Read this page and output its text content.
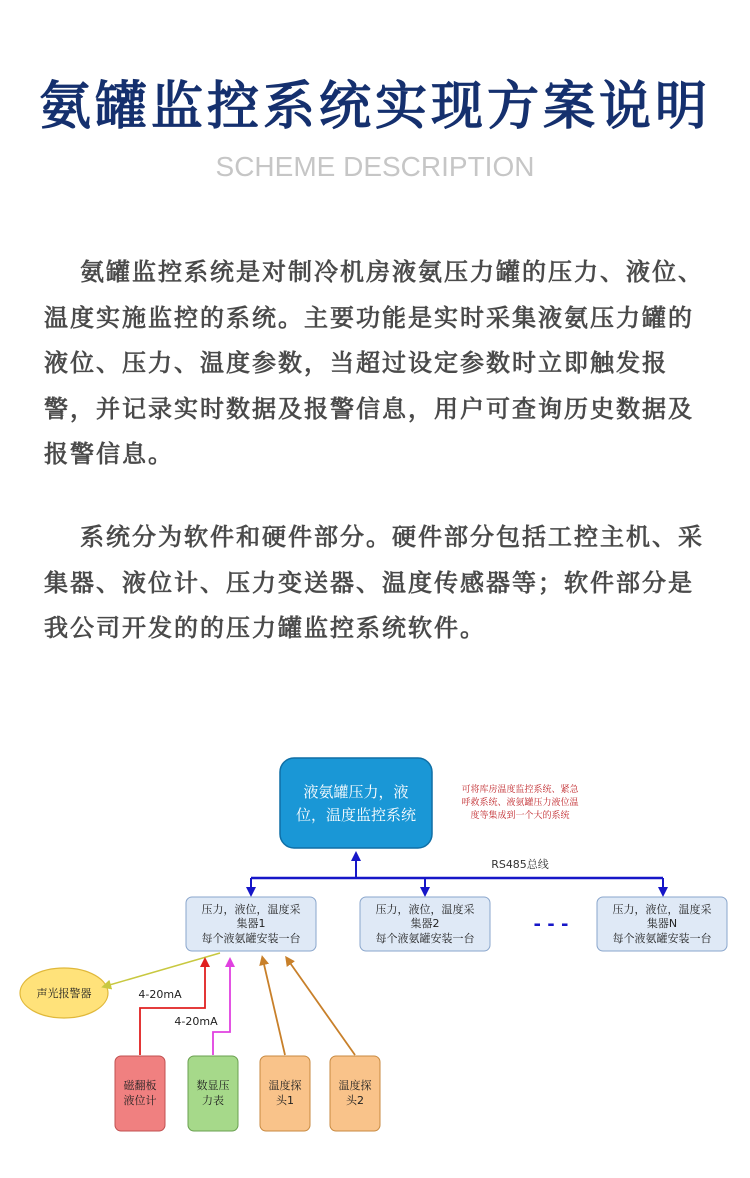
氨罐监控系统实现方案说明
SCHEME DESCRIPTION
氨罐监控系统是对制冷机房液氨压力罐的压力、液位、温度实施监控的系统。主要功能是实时采集液氨压力罐的液位、压力、温度参数，当超过设定参数时立即触发报警，并记录实时数据及报警信息，用户可查询历史数据及报警信息。
系统分为软件和硬件部分。硬件部分包括工控主机、采集器、液位计、压力变送器、温度传感器等；软件部分是我公司开发的的压力罐监控系统软件。
液氨罐压力，液
位，温度监控系统
可将库房温度监控系统、紧急
呼救系统、液氨罐压力液位温
度等集成到一个大的系统
RS485总线
压力，液位，温度采
集器1
每个液氨罐安装一台
压力，液位，温度采
集器2
每个液氨罐安装一台
- - -
压力，液位，温度采
集器N
每个液氨罐安装一台
声光报警器	4-20mA
4-20mA
磁翻板
液位计
数显压
力表
温度探
头1
温度探
头2
